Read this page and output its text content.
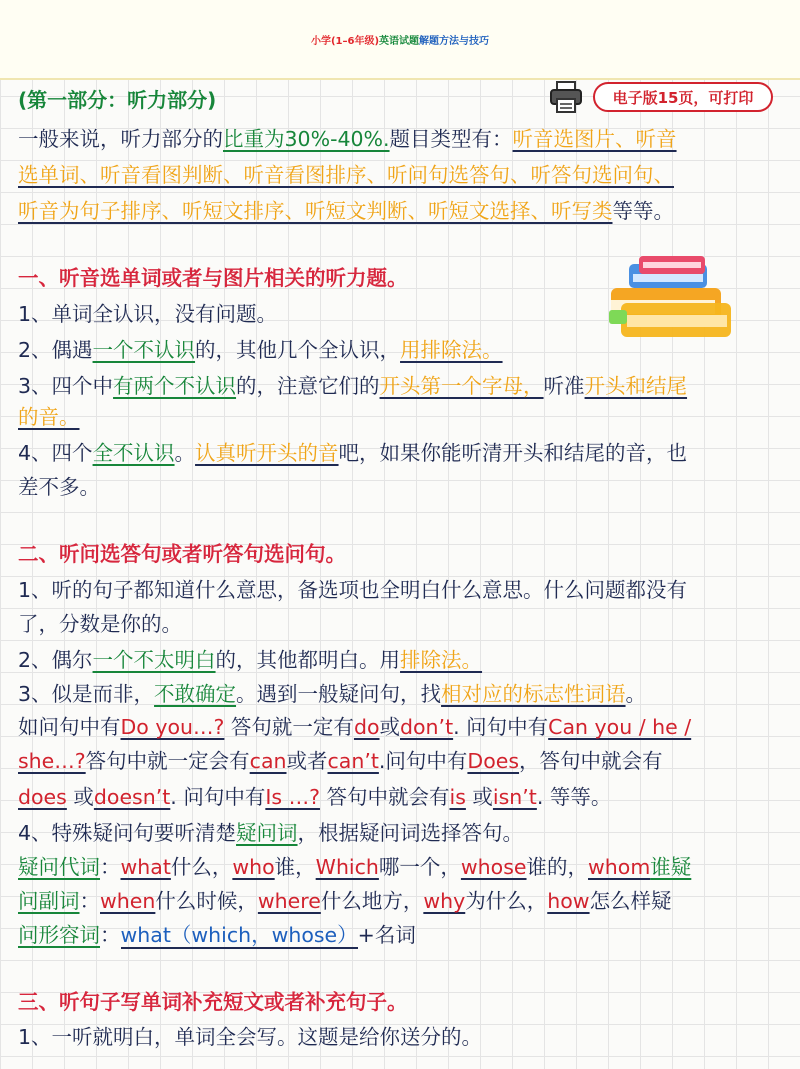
小学(1–6年级) 英语试题 解题方法与技巧
(第一部分：听力部分)	电子版15页，可打印
一般来说，听力部分的比重为30%-40%.题目类型有：听音选图片、听音
选单词、听音看图判断、听音看图排序、听问句选答句、听答句选问句、
听音为句子排序、听短文排序、听短文判断、听短文选择、听写类等等。
一、听音选单词或者与图片相关的听力题。
1、单词全认识，没有问题。
2、偶遇一个不认识的，其他几个全认识，用排除法。
3、四个中有两个不认识的，注意它们的开头第一个字母，听准开头和结尾
的音。
4、四个全不认识。认真听开头的音吧，如果你能听清开头和结尾的音，也
差不多。
二、听问选答句或者听答句选问句。
1、听的句子都知道什么意思，备选项也全明白什么意思。什么问题都没有
了，分数是你的。
2、偶尔一个不太明白的，其他都明白。用排除法。
3、似是而非，不敢确定。遇到一般疑问句，找相对应的标志性词语。
如问句中有Do you…? 答句就一定有do或don’t. 问句中有Can you / he /
she…?答句中就一定会有can或者can’t.问句中有Does，答句中就会有
does 或doesn’t. 问句中有Is …? 答句中就会有is 或isn’t. 等等。
4、特殊疑问句要听清楚疑问词，根据疑问词选择答句。
疑问代词：what什么，who谁，Which哪一个，whose谁的，whom谁疑
问副词：when什么时候，where什么地方，why为什么，how怎么样疑
问形容词：what（which，whose）+名词
三、听句子写单词补充短文或者补充句子。
1、一听就明白，单词全会写。这题是给你送分的。
